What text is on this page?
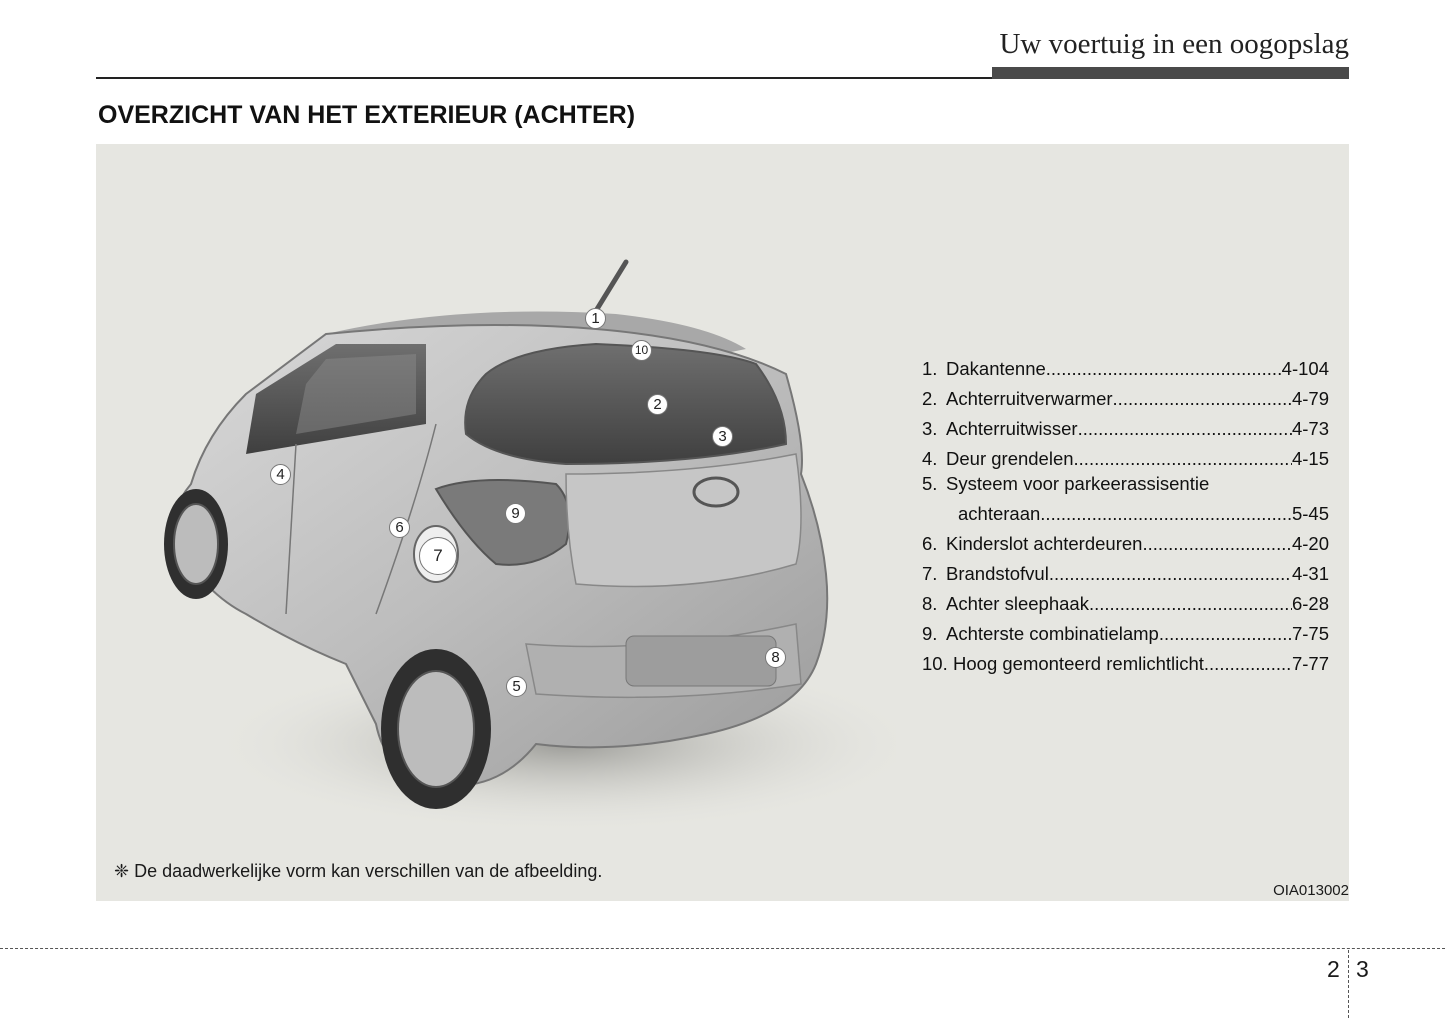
Uw voertuig in een oogopslag
OVERZICHT VAN HET EXTERIEUR (ACHTER)
1
2
3
4
5
6
7
8
9
10
1. Dakantenne .....	4-104
2. Achterruitverwarmer .....	4-79
3. Achterruitwisser .....	4-73
4. Deur grendelen .....	4-15
5. Systeem voor parkeerassisentie
achteraan .....	5-45
6. Kinderslot achterdeuren .....	4-20
7. Brandstofvul .....	4-31
8. Achter sleephaak .....	6-28
9. Achterste combinatielamp .....	7-75
10. Hoog gemonteerd remlichtlicht .....	7-77
❈ De daadwerkelijke vorm kan verschillen van de afbeelding.
OIA013002
2 3
